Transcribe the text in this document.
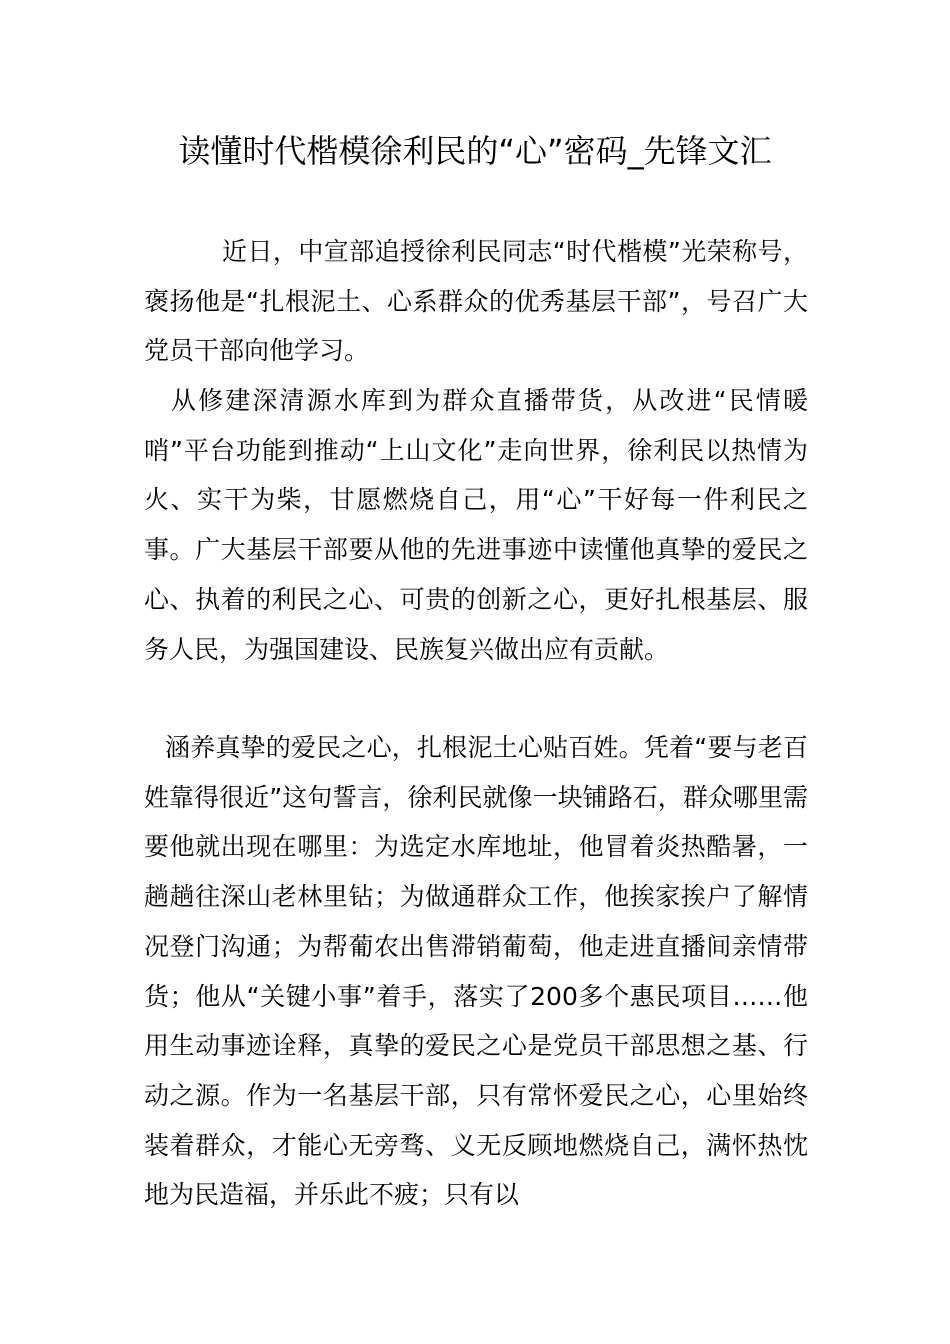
读懂时代楷模徐利民的“心”密码_先锋文汇

近日，中宣部追授徐利民同志“时代楷模”光荣称号，褒扬他是“扎根泥土、心系群众的优秀基层干部”，号召广大党员干部向他学习。

从修建深清源水库到为群众直播带货，从改进“民情暖哨”平台功能到推动“上山文化”走向世界，徐利民以热情为火、实干为柴，甘愿燃烧自己，用“心”干好每一件利民之事。广大基层干部要从他的先进事迹中读懂他真挚的爱民之心、执着的利民之心、可贵的创新之心，更好扎根基层、服务人民，为强国建设、民族复兴做出应有贡献。

涵养真挚的爱民之心，扎根泥土心贴百姓。凭着“要与老百姓靠得很近”这句誓言，徐利民就像一块铺路石，群众哪里需要他就出现在哪里：为选定水库地址，他冒着炎热酷暑，一趟趟往深山老林里钻；为做通群众工作，他挨家挨户了解情况登门沟通；为帮葡农出售滞销葡萄，他走进直播间亲情带货；他从“关键小事”着手，落实了200多个惠民项目……他用生动事迹诠释，真挚的爱民之心是党员干部思想之基、行动之源。作为一名基层干部，只有常怀爱民之心，心里始终装着群众，才能心无旁骛、义无反顾地燃烧自己，满怀热忱地为民造福，并乐此不疲；只有以
